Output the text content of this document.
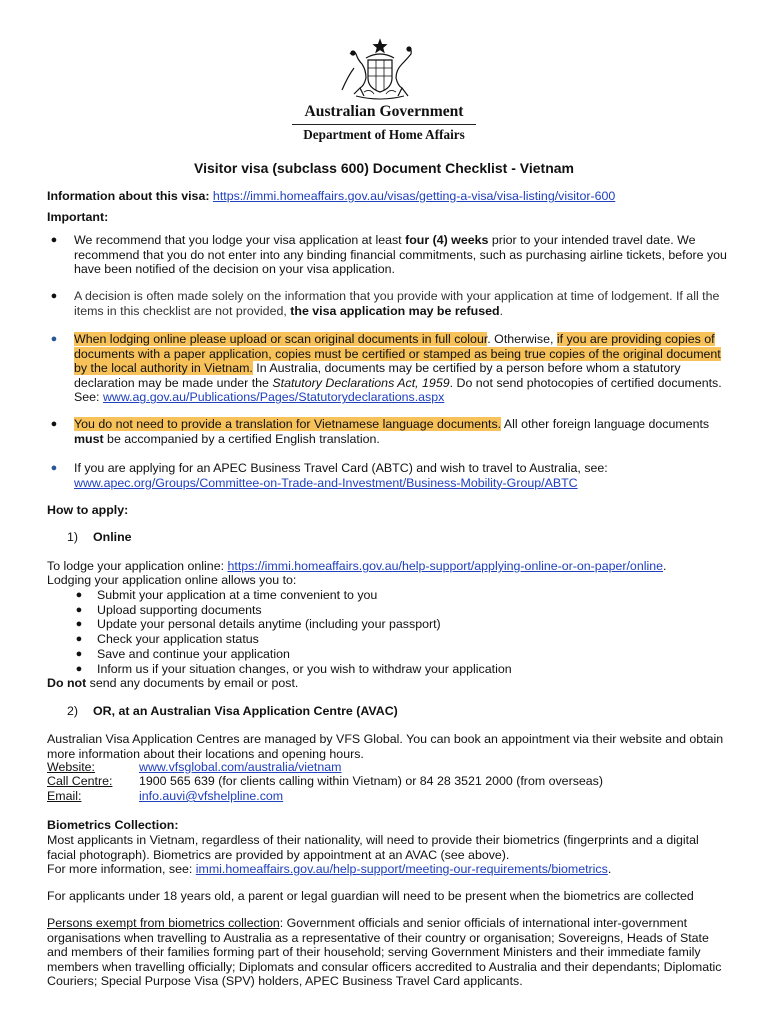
Australian Government
Department of Home Affairs
Visitor visa (subclass 600) Document Checklist - Vietnam
Information about this visa: https://immi.homeaffairs.gov.au/visas/getting-a-visa/visa-listing/visitor-600
Important:
● We recommend that you lodge your visa application at least four (4) weeks prior to your intended travel date. We recommend that you do not enter into any binding financial commitments, such as purchasing airline tickets, before you have been notified of the decision on your visa application.
● A decision is often made solely on the information that you provide with your application at time of lodgement. If all the items in this checklist are not provided, the visa application may be refused.
● When lodging online please upload or scan original documents in full colour. Otherwise, if you are providing copies of documents with a paper application, copies must be certified or stamped as being true copies of the original document by the local authority in Vietnam. In Australia, documents may be certified by a person before whom a statutory declaration may be made under the Statutory Declarations Act, 1959. Do not send photocopies of certified documents. See: www.ag.gov.au/Publications/Pages/Statutorydeclarations.aspx
● You do not need to provide a translation for Vietnamese language documents. All other foreign language documents must be accompanied by a certified English translation.
● If you are applying for an APEC Business Travel Card (ABTC) and wish to travel to Australia, see:
www.apec.org/Groups/Committee-on-Trade-and-Investment/Business-Mobility-Group/ABTC
How to apply:
1) Online
To lodge your application online: https://immi.homeaffairs.gov.au/help-support/applying-online-or-on-paper/online.
Lodging your application online allows you to:
● Submit your application at a time convenient to you
● Upload supporting documents
● Update your personal details anytime (including your passport)
● Check your application status
● Save and continue your application
● Inform us if your situation changes, or you wish to withdraw your application
Do not send any documents by email or post.
2) OR, at an Australian Visa Application Centre (AVAC)
Australian Visa Application Centres are managed by VFS Global. You can book an appointment via their website and obtain more information about their locations and opening hours.
Website:	www.vfsglobal.com/australia/vietnam
Call Centre: 1900 565 639 (for clients calling within Vietnam) or 84 28 3521 2000 (from overseas)
Email:	info.auvi@vfshelpline.com
Biometrics Collection:
Most applicants in Vietnam, regardless of their nationality, will need to provide their biometrics (fingerprints and a digital facial photograph). Biometrics are provided by appointment at an AVAC (see above).
For more information, see: immi.homeaffairs.gov.au/help-support/meeting-our-requirements/biometrics.
For applicants under 18 years old, a parent or legal guardian will need to be present when the biometrics are collected
Persons exempt from biometrics collection: Government officials and senior officials of international inter-government organisations when travelling to Australia as a representative of their country or organisation; Sovereigns, Heads of State and members of their families forming part of their household; serving Government Ministers and their immediate family members when travelling officially; Diplomats and consular officers accredited to Australia and their dependants; Diplomatic Couriers; Special Purpose Visa (SPV) holders, APEC Business Travel Card applicants.
